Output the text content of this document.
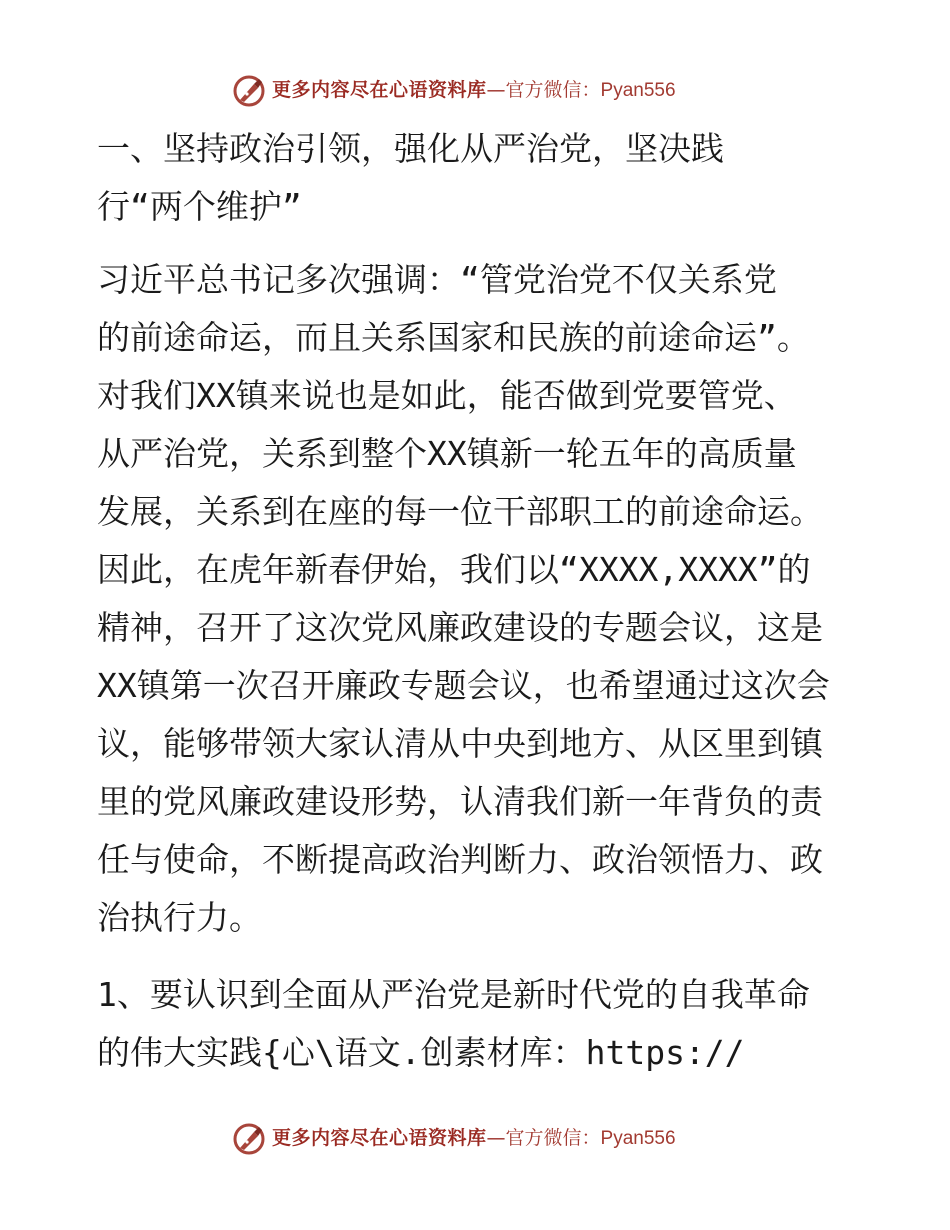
更多内容尽在心语资料库—官方微信：Pyan556
一、坚持政治引领，强化从严治党，坚决践
行“两个维护”
习近平总书记多次强调：“管党治党不仅关系党
的前途命运，而且关系国家和民族的前途命运”。
对我们XX镇来说也是如此，能否做到党要管党、
从严治党，关系到整个XX镇新一轮五年的高质量
发展，关系到在座的每一位干部职工的前途命运。
因此，在虎年新春伊始，我们以“XXXX,XXXX”的
精神，召开了这次党风廉政建设的专题会议，这是
XX镇第一次召开廉政专题会议，也希望通过这次会
议，能够带领大家认清从中央到地方、从区里到镇
里的党风廉政建设形势，认清我们新一年背负的责
任与使命，不断提高政治判断力、政治领悟力、政
治执行力。
1、要认识到全面从严治党是新时代党的自我革命
的伟大实践{心\语文.创素材库：https://
更多内容尽在心语资料库—官方微信：Pyan556
